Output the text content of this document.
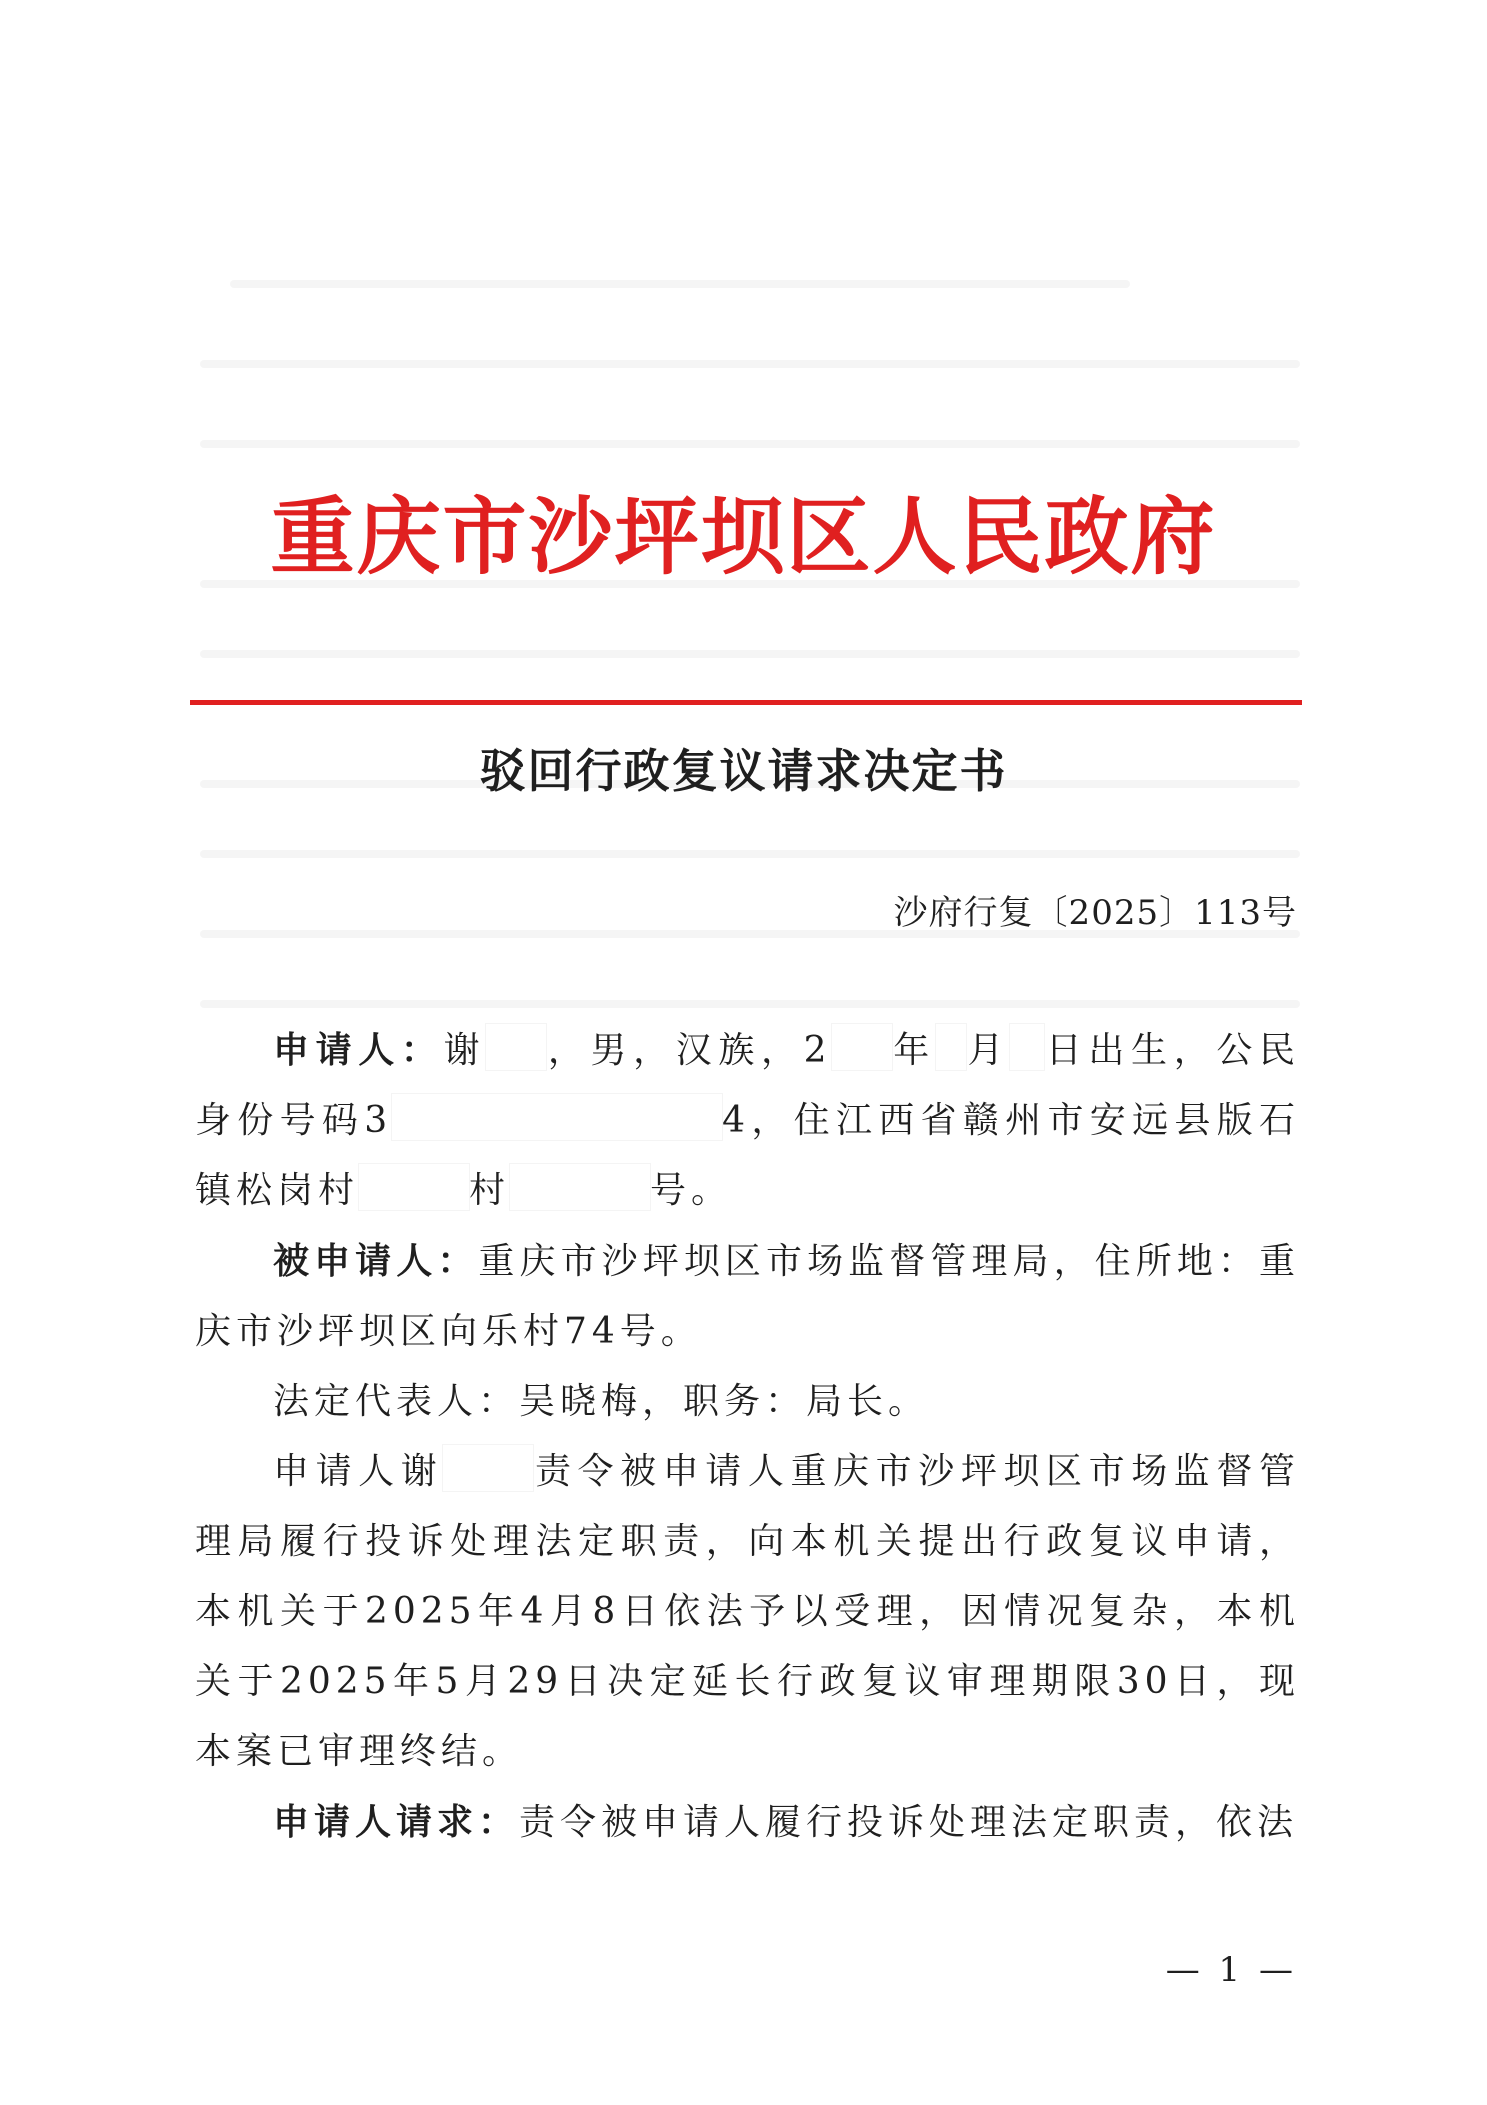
重庆市沙坪坝区人民政府
驳回行政复议请求决定书
沙府行复〔2025〕113号

申请人：谢 ，男，汉族，2 年 月 日出生，公民身份号码3	4，住江西省赣州市安远县版石镇松岗村	村	号。

被申请人：重庆市沙坪坝区市场监督管理局，住所地：重庆市沙坪坝区向乐村74号。

法定代表人：吴晓梅，职务：局长。

申请人谢	责令被申请人重庆市沙坪坝区市场监督管理局履行投诉处理法定职责，向本机关提出行政复议申请，本机关于2025年4月8日依法予以受理，因情况复杂，本机关于2025年5月29日决定延长行政复议审理期限30日，现本案已审理终结。

申请人请求：责令被申请人履行投诉处理法定职责，依法

— 1 —
